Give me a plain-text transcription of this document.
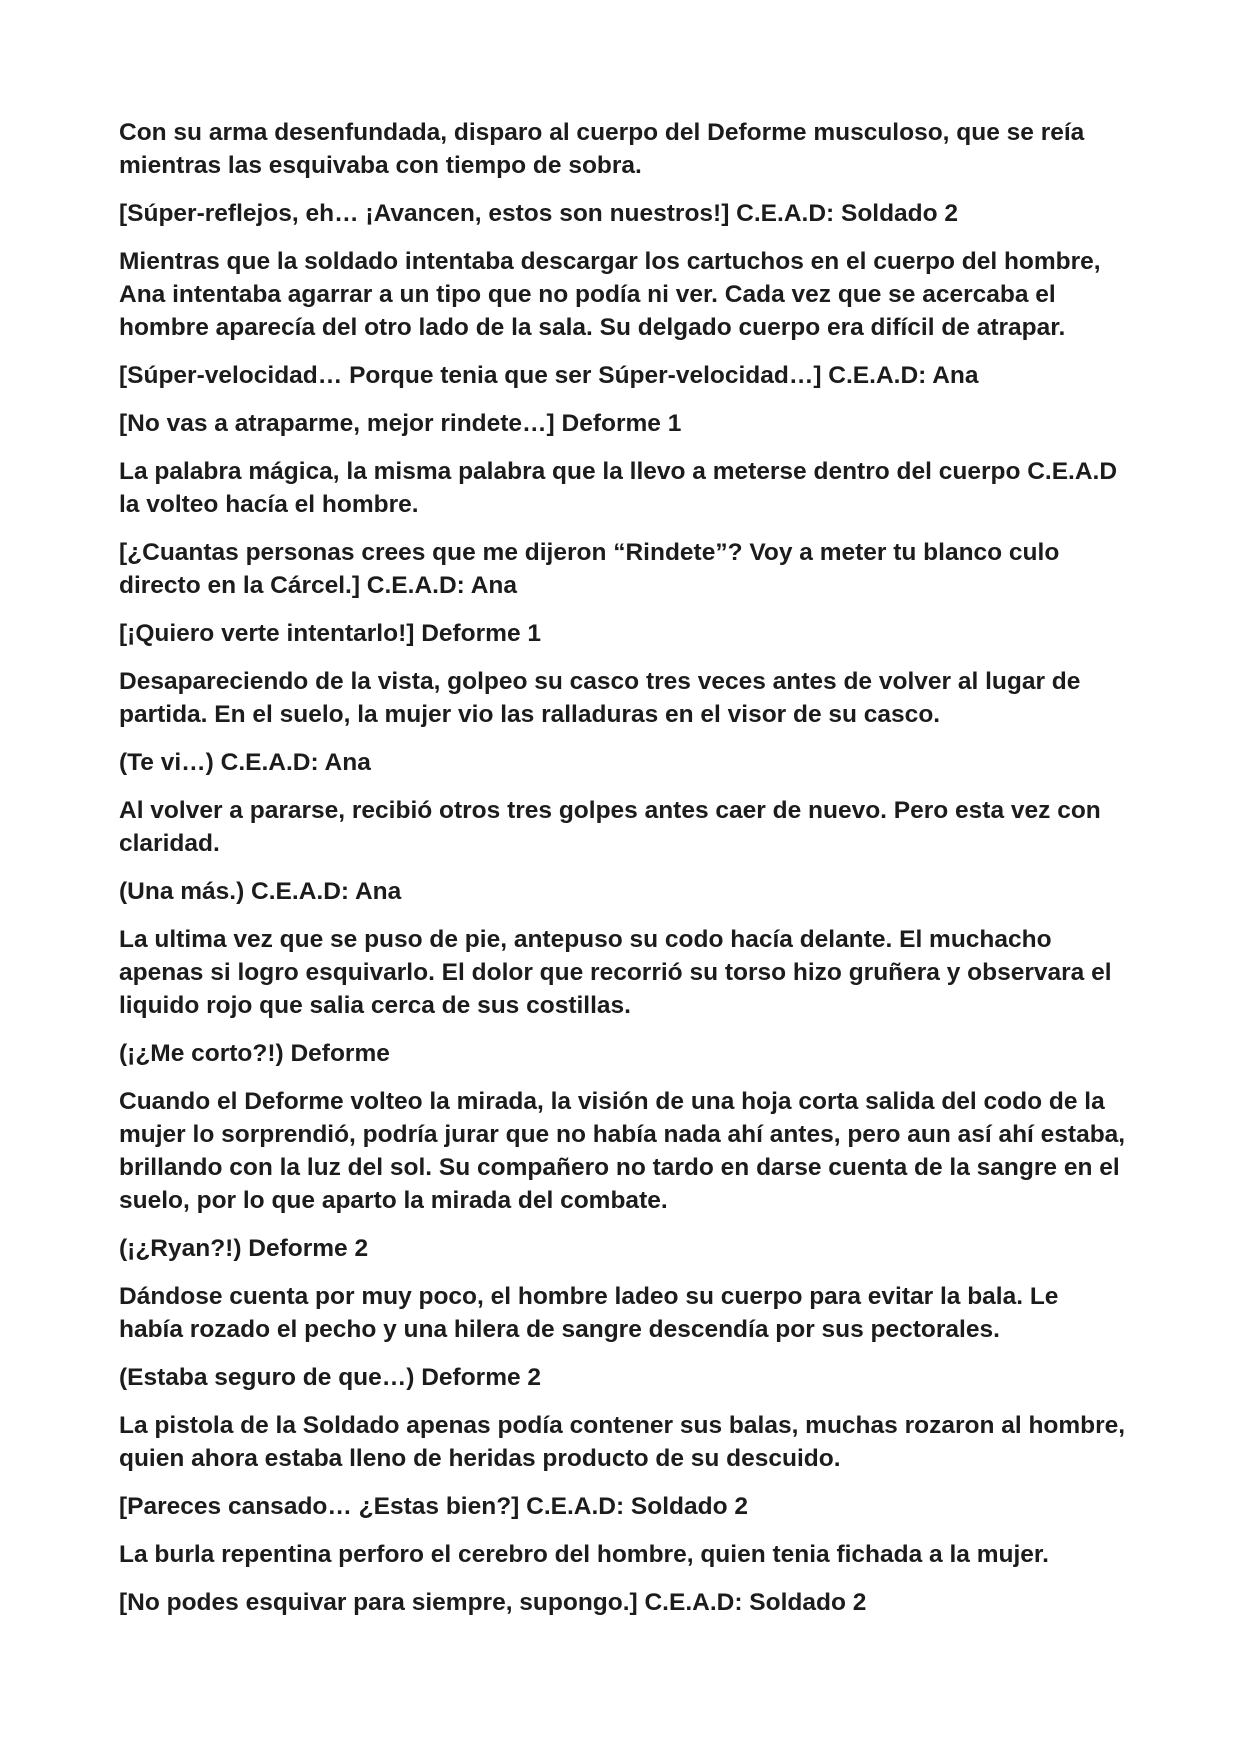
Con su arma desenfundada, disparo al cuerpo del Deforme musculoso, que se reía mientras las esquivaba con tiempo de sobra.

[Súper-reflejos, eh… ¡Avancen, estos son nuestros!] C.E.A.D: Soldado 2

Mientras que la soldado intentaba descargar los cartuchos en el cuerpo del hombre, Ana intentaba agarrar a un tipo que no podía ni ver. Cada vez que se acercaba el hombre aparecía del otro lado de la sala. Su delgado cuerpo era difícil de atrapar.

[Súper-velocidad… Porque tenia que ser Súper-velocidad…] C.E.A.D: Ana

[No vas a atraparme, mejor rindete…] Deforme 1

La palabra mágica, la misma palabra que la llevo a meterse dentro del cuerpo C.E.A.D la volteo hacía el hombre.

[¿Cuantas personas crees que me dijeron “Rindete”? Voy a meter tu blanco culo directo en la Cárcel.] C.E.A.D: Ana

[¡Quiero verte intentarlo!] Deforme 1

Desapareciendo de la vista, golpeo su casco tres veces antes de volver al lugar de partida. En el suelo, la mujer vio las ralladuras en el visor de su casco.

(Te vi…) C.E.A.D: Ana

Al volver a pararse, recibió otros tres golpes antes caer de nuevo. Pero esta vez con claridad.

(Una más.) C.E.A.D: Ana

La ultima vez que se puso de pie, antepuso su codo hacía delante. El muchacho apenas si logro esquivarlo. El dolor que recorrió su torso hizo gruñera y observara el liquido rojo que salia cerca de sus costillas.

(¡¿Me corto?!) Deforme

Cuando el Deforme volteo la mirada, la visión de una hoja corta salida del codo de la mujer lo sorprendió, podría jurar que no había nada ahí antes, pero aun así ahí estaba, brillando con la luz del sol. Su compañero no tardo en darse cuenta de la sangre en el suelo, por lo que aparto la mirada del combate.

(¡¿Ryan?!) Deforme 2

Dándose cuenta por muy poco, el hombre ladeo su cuerpo para evitar la bala. Le había rozado el pecho y una hilera de sangre descendía por sus pectorales.

(Estaba seguro de que…) Deforme 2

La pistola de la Soldado apenas podía contener sus balas, muchas rozaron al hombre, quien ahora estaba lleno de heridas producto de su descuido.

[Pareces cansado… ¿Estas bien?] C.E.A.D: Soldado 2

La burla repentina perforo el cerebro del hombre, quien tenia fichada a la mujer.

[No podes esquivar para siempre, supongo.] C.E.A.D: Soldado 2
